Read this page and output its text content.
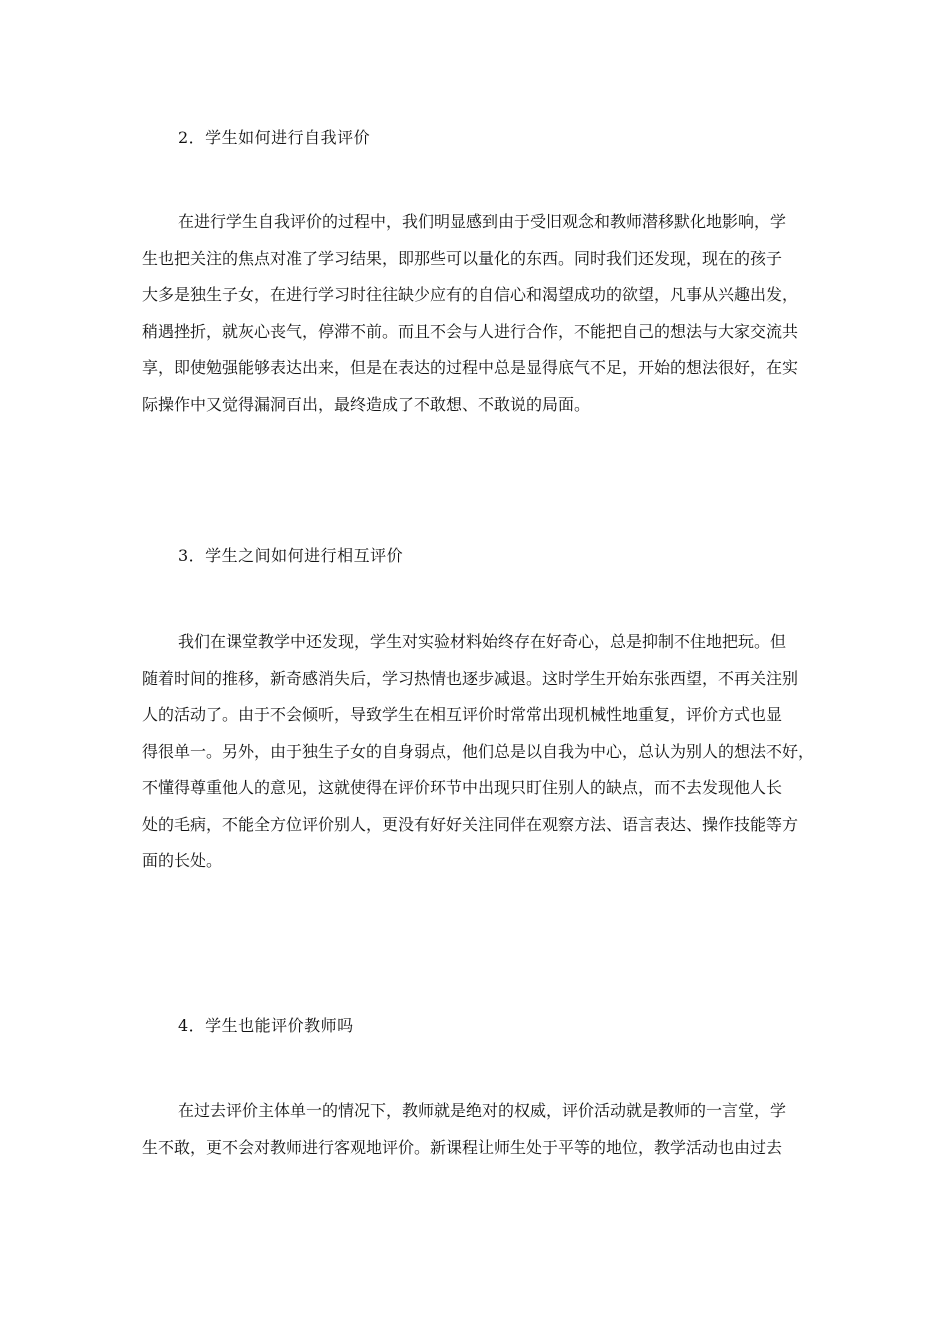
2．学生如何进行自我评价
在进行学生自我评价的过程中，我们明显感到由于受旧观念和教师潜移默化地影响，学
生也把关注的焦点对准了学习结果，即那些可以量化的东西。同时我们还发现，现在的孩子
大多是独生子女，在进行学习时往往缺少应有的自信心和渴望成功的欲望，凡事从兴趣出发，
稍遇挫折，就灰心丧气，停滞不前。而且不会与人进行合作，不能把自己的想法与大家交流共
享，即使勉强能够表达出来，但是在表达的过程中总是显得底气不足，开始的想法很好，在实
际操作中又觉得漏洞百出，最终造成了不敢想、不敢说的局面。
3．学生之间如何进行相互评价
我们在课堂教学中还发现，学生对实验材料始终存在好奇心，总是抑制不住地把玩。但
随着时间的推移，新奇感消失后，学习热情也逐步减退。这时学生开始东张西望，不再关注别
人的活动了。由于不会倾听，导致学生在相互评价时常常出现机械性地重复，评价方式也显
得很单一。另外，由于独生子女的自身弱点，他们总是以自我为中心，总认为别人的想法不好，
不懂得尊重他人的意见，这就使得在评价环节中出现只盯住别人的缺点，而不去发现他人长
处的毛病，不能全方位评价别人，更没有好好关注同伴在观察方法、语言表达、操作技能等方
面的长处。
4．学生也能评价教师吗
在过去评价主体单一的情况下，教师就是绝对的权威，评价活动就是教师的一言堂，学
生不敢，更不会对教师进行客观地评价。新课程让师生处于平等的地位，教学活动也由过去
